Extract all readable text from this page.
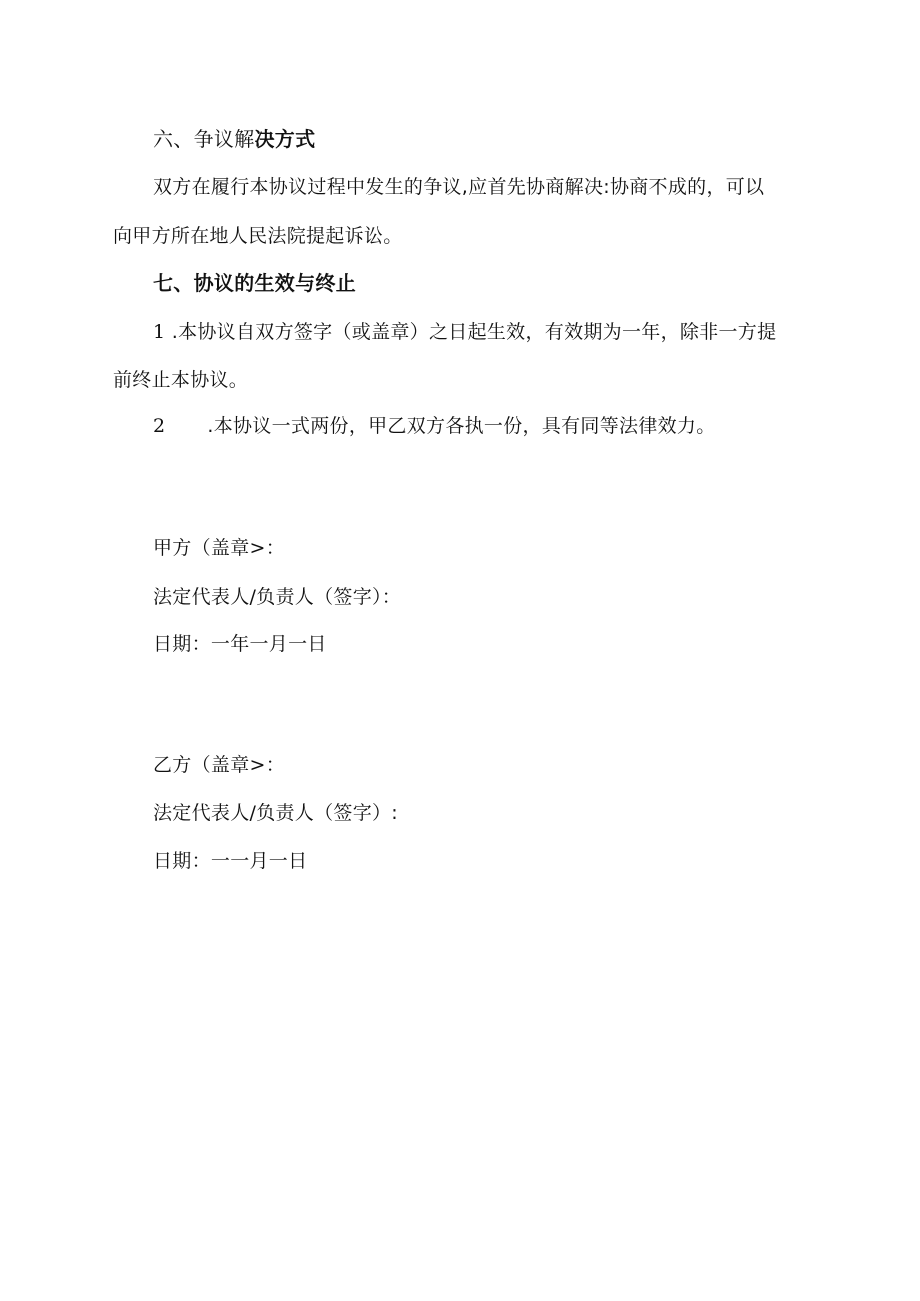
六、争议解决方式
双方在履行本协议过程中发生的争议,应首先协商解决:协商不成的，可以
向甲方所在地人民法院提起诉讼。
七、协议的生效与终止
1 .本协议自双方签字（或盖章）之日起生效，有效期为一年，除非一方提
前终止本协议。
2 .本协议一式两份，甲乙双方各执一份，具有同等法律效力。
甲方（盖章>：
法定代表人/负责人（签字）：
日期：一年一月一日
乙方（盖章>：
法定代表人/负责人（签字）:
日期：一一月一日
